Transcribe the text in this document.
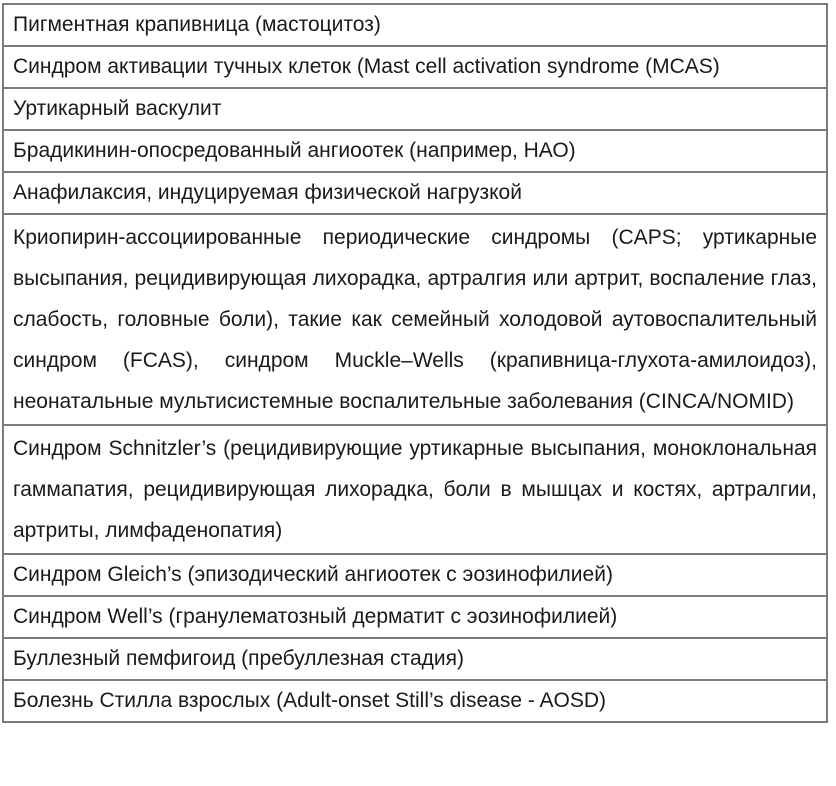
Пигментная крапивница (мастоцитоз)
Синдром активации тучных клеток (Mast cell activation syndrome (MCAS)
Уртикарный васкулит
Брадикинин-опосредованный ангиоотек (например, НАО)
Анафилаксия, индуцируемая физической нагрузкой
Криопирин-ассоциированные периодические синдромы (CAPS; уртикарные высыпания, рецидивирующая лихорадка, артралгия или артрит, воспаление глаз, слабость, головные боли), такие как семейный холодовой аутовоспалительный синдром (FCAS), синдром Muckle–Wells (крапивница-глухота-амилоидоз), неонатальные мультисистемные воспалительные заболевания (CINCA/NOMID)
Синдром Schnitzler’s (рецидивирующие уртикарные высыпания, моноклональная гаммапатия, рецидивирующая лихорадка, боли в мышцах и костях, артралгии, артриты, лимфаденопатия)
Синдром Gleich’s (эпизодический ангиоотек с эозинофилией)
Синдром Well’s (гранулематозный дерматит с эозинофилией)
Буллезный пемфигоид (пребуллезная стадия)
Болезнь Стилла взрослых (Adult-onset Still’s disease - AOSD)
